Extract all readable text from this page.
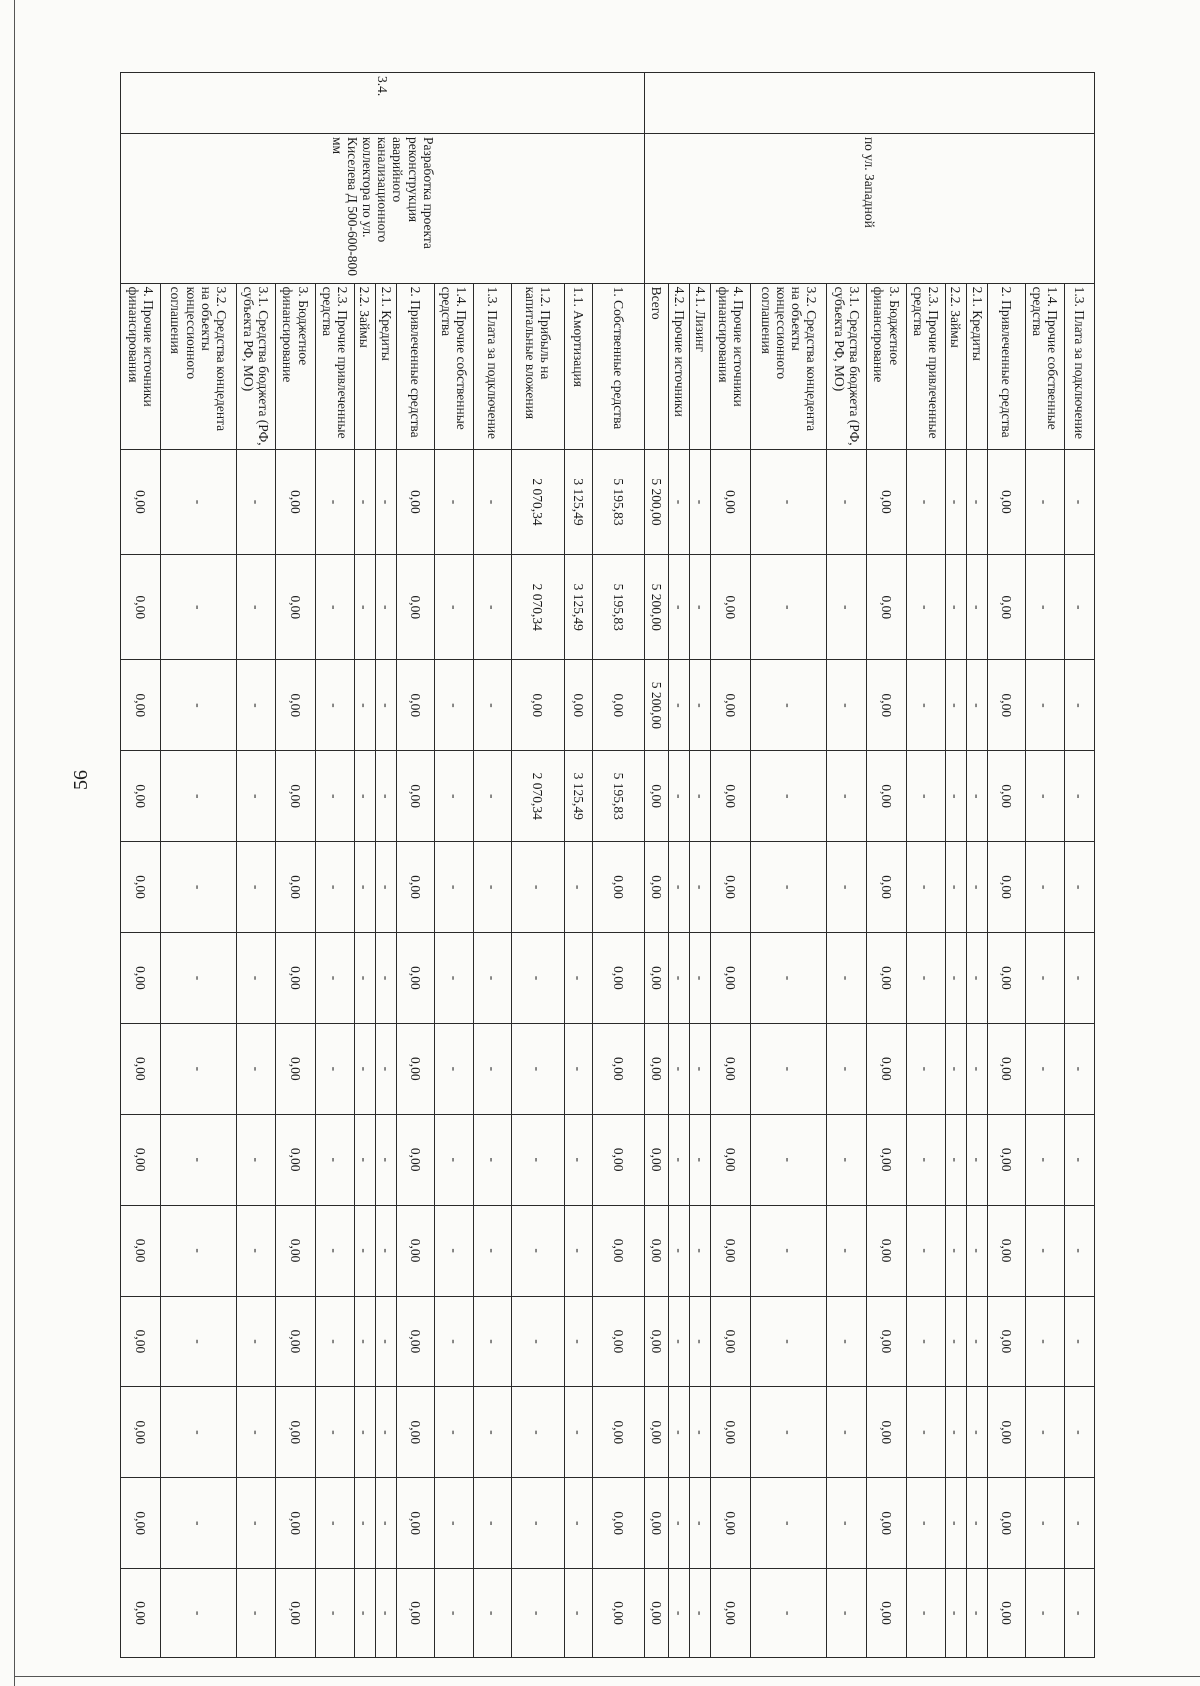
56
	по ул. Западной	1.3. Плата за подключение	-	-	-	-	-	-	-	-	-	-	-	-	-
		1.4. Прочие собственные средства	-	-	-	-	-	-	-	-	-	-	-	-	-
		2. Привлеченные средства	0,00	0,00	0,00	0,00	0,00	0,00	0,00	0,00	0,00	0,00	0,00	0,00	0,00
		2.1. Кредиты	-	-	-	-	-	-	-	-	-	-	-	-	-
		2.2. Займы	-	-	-	-	-	-	-	-	-	-	-	-	-
		2.3. Прочие привлеченные средства	-	-	-	-	-	-	-	-	-	-	-	-	-
		3. Бюджетное финансирование	0,00	0,00	0,00	0,00	0,00	0,00	0,00	0,00	0,00	0,00	0,00	0,00	0,00
		3.1. Средства бюджета (РФ, субъекта РФ, МО)	-	-	-	-	-	-	-	-	-	-	-	-	-
		3.2. Средства концедента на объекты концессионного соглашения	-	-	-	-	-	-	-	-	-	-	-	-	-
		4. Прочие источники финансирования	0,00	0,00	0,00	0,00	0,00	0,00	0,00	0,00	0,00	0,00	0,00	0,00	0,00
		4.1. Лизинг	-	-	-	-	-	-	-	-	-	-	-	-	-
		4.2. Прочие источники	-	-	-	-	-	-	-	-	-	-	-	-	-
		Всего	5 200,00	5 200,00	5 200,00	0,00	0,00	0,00	0,00	0,00	0,00	0,00	0,00	0,00	0,00
3.4.	Разработка проекта реконструкция аварийного канализационного коллектора по ул. Киселева Д 500-600-800 мм	1. Собственные средства	5 195,83	5 195,83	0,00	5 195,83	0,00	0,00	0,00	0,00	0,00	0,00	0,00	0,00	0,00
		1.1. Амортизация	3 125,49	3 125,49	0,00	3 125,49	-	-	-	-	-	-	-	-	-
		1.2. Прибыль на капитальные вложения	2 070,34	2 070,34	0,00	2 070,34	-	-	-	-	-	-	-	-	-
		1.3. Плата за подключение	-	-	-	-	-	-	-	-	-	-	-	-	-
		1.4. Прочие собственные средства	-	-	-	-	-	-	-	-	-	-	-	-	-
		2. Привлеченные средства	0,00	0,00	0,00	0,00	0,00	0,00	0,00	0,00	0,00	0,00	0,00	0,00	0,00
		2.1. Кредиты	-	-	-	-	-	-	-	-	-	-	-	-	-
		2.2. Займы	-	-	-	-	-	-	-	-	-	-	-	-	-
		2.3. Прочие привлеченные средства	-	-	-	-	-	-	-	-	-	-	-	-	-
		3. Бюджетное финансирование	0,00	0,00	0,00	0,00	0,00	0,00	0,00	0,00	0,00	0,00	0,00	0,00	0,00
		3.1. Средства бюджета (РФ, субъекта РФ, МО)	-	-	-	-	-	-	-	-	-	-	-	-	-
		3.2. Средства концедента на объекты концессионного соглашения	-	-	-	-	-	-	-	-	-	-	-	-	-
		4. Прочие источники финансирования	0,00	0,00	0,00	0,00	0,00	0,00	0,00	0,00	0,00	0,00	0,00	0,00	0,00
